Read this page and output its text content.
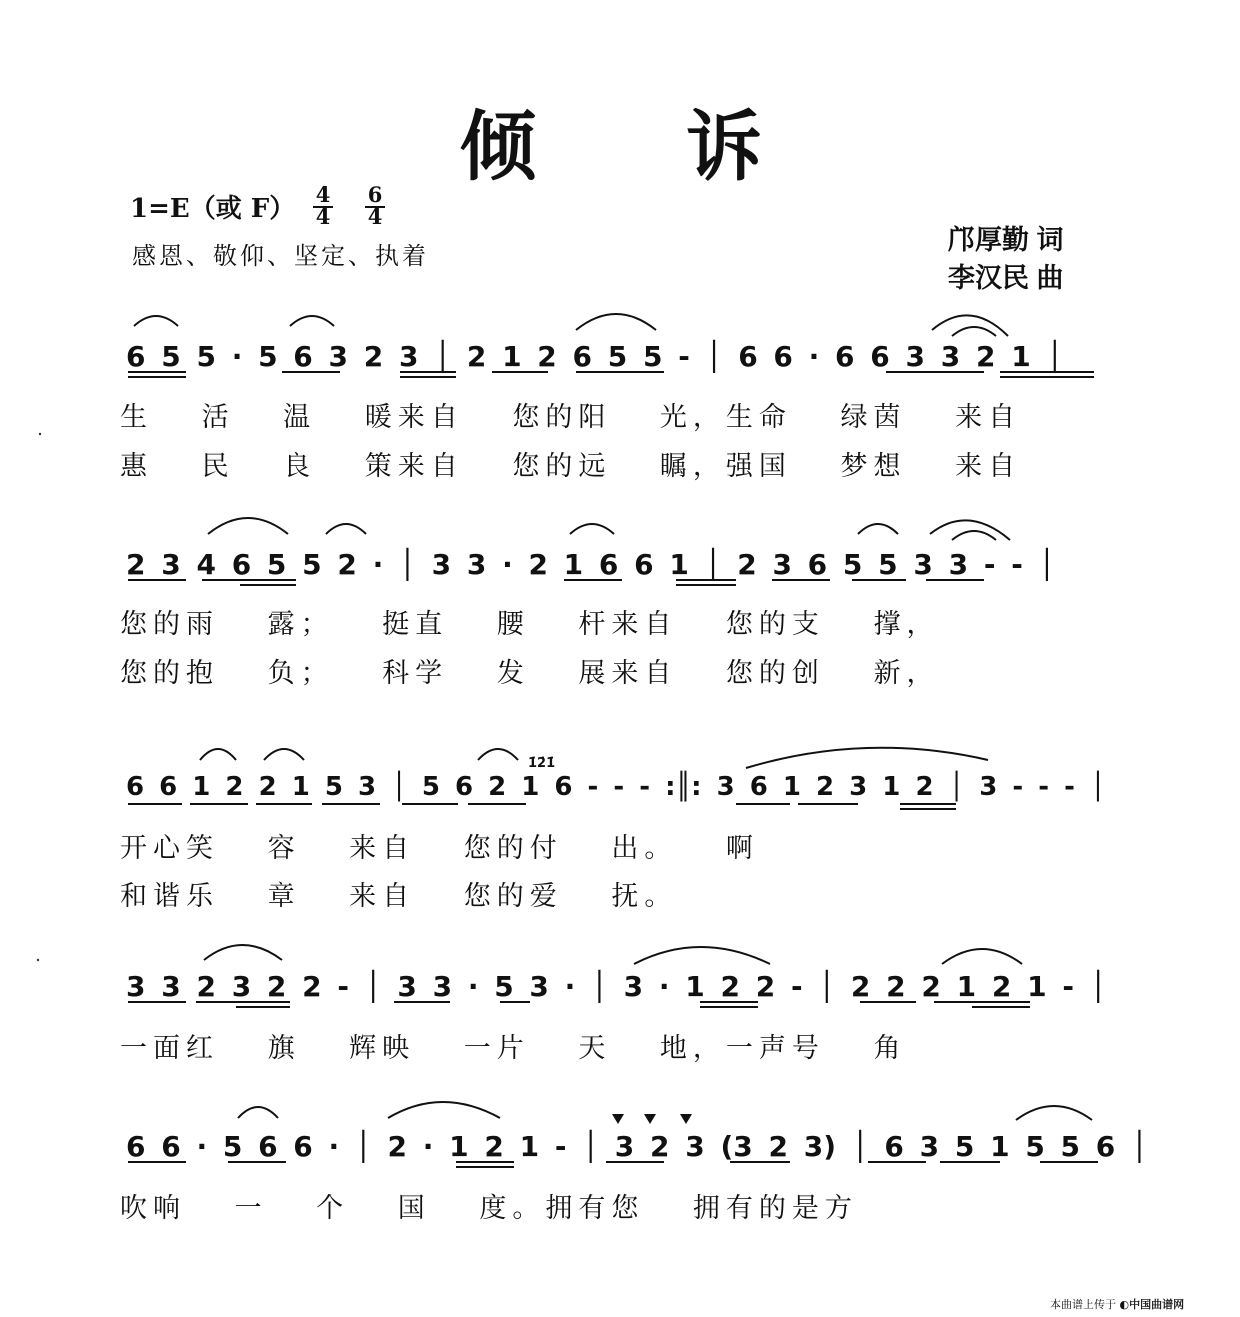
倾诉
1=E（或 F） 4
4
6
4
感恩、敬仰、坚定、执着
邝厚勤 词
李汉民 曲
6 5 5 · 5 6 3 2 3 │ 2 1 2 6 5 5 - │ 6 6 · 6 6 3 3 2 1 │
生 活 温 暖来自 您的阳 光，生命 绿茵 来自
惠 民 良 策来自 您的远 瞩，强国 梦想 来自
2 3 4 6 5 5 2 · │ 3 3 · 2 1 6 6 1 │ 2 3 6 5 5 3 3 - - │
您的雨 露； 挺直 腰 杆来自 您的支 撑，
您的抱 负； 科学 发 展来自 您的创 新，
6 6 1 2 2 1 5 3 │ 5 6 2 1 6 - - - :║: 3 6 1 2 3 1 2 │ 3 - - - │
1̇2̇1̇
开心笑 容 来自 您的付 出。 啊
和谐乐 章 来自 您的爱 抚。
3 3 2 3 2 2 - │ 3 3 · 5 3 · │ 3 · 1 2 2 - │ 2 2 2 1 2 1 - │
一面红 旗 辉映 一片 天 地，一声号 角
6 6 · 5 6 6 · │ 2 · 1 2 1 - │ 3 2 3 (3 2 3) │ 6 3 5 1 5 5 6 │
吹响 一 个 国 度。拥有您 拥有的是方
本曲谱上传于 ◐中国曲谱网
